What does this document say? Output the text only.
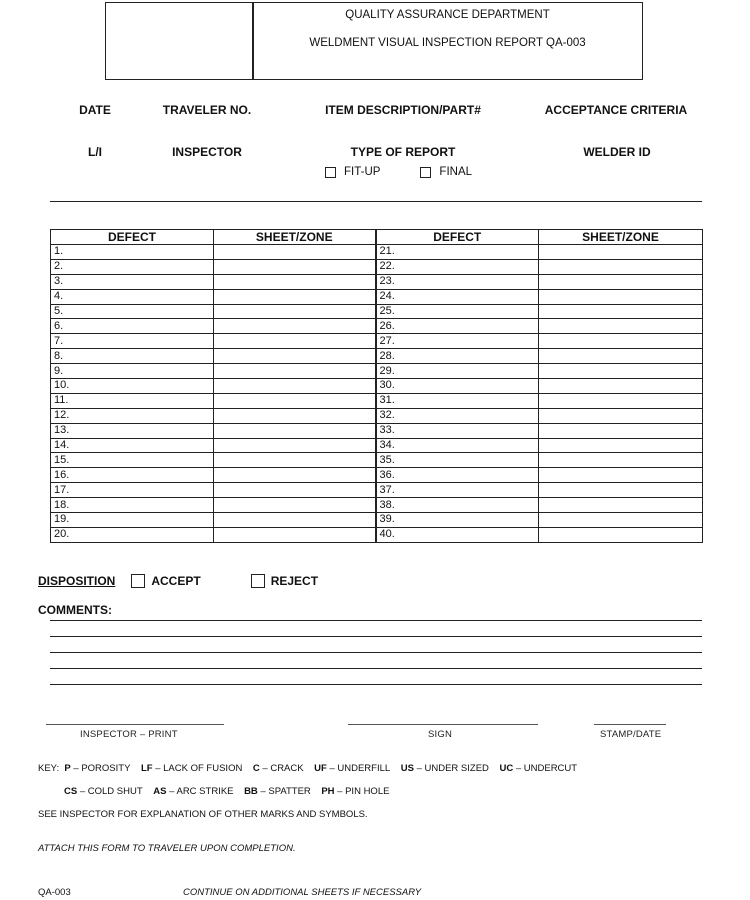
QUALITY ASSURANCE DEPARTMENT
WELDMENT VISUAL INSPECTION REPORT QA-003
DATE	TRAVELER NO.	ITEM DESCRIPTION/PART#	ACCEPTANCE CRITERIA
L/I	INSPECTOR	TYPE OF REPORT	WELDER ID
FIT-UP	FINAL
DEFECT	SHEET/ZONE	DEFECT	SHEET/ZONE
1.		21.	
2.		22.	
3.		23.	
4.		24.	
5.		25.	
6.		26.	
7.		27.	
8.		28.	
9.		29.	
10.		30.	
11.		31.	
12.		32.	
13.		33.	
14.		34.	
15.		35.	
16.		36.	
17.		37.	
18.		38.	
19.		39.	
20.		40.	
DISPOSITION	ACCEPT	REJECT
COMMENTS:
INSPECTOR – PRINT	SIGN	STAMP/DATE
KEY: P – POROSITY LF – LACK OF FUSION C – CRACK UF – UNDERFILL US – UNDER SIZED UC – UNDERCUT
CS – COLD SHUT AS – ARC STRIKE BB – SPATTER PH – PIN HOLE
SEE INSPECTOR FOR EXPLANATION OF OTHER MARKS AND SYMBOLS.
ATTACH THIS FORM TO TRAVELER UPON COMPLETION.
QA-003	CONTINUE ON ADDITIONAL SHEETS IF NECESSARY
